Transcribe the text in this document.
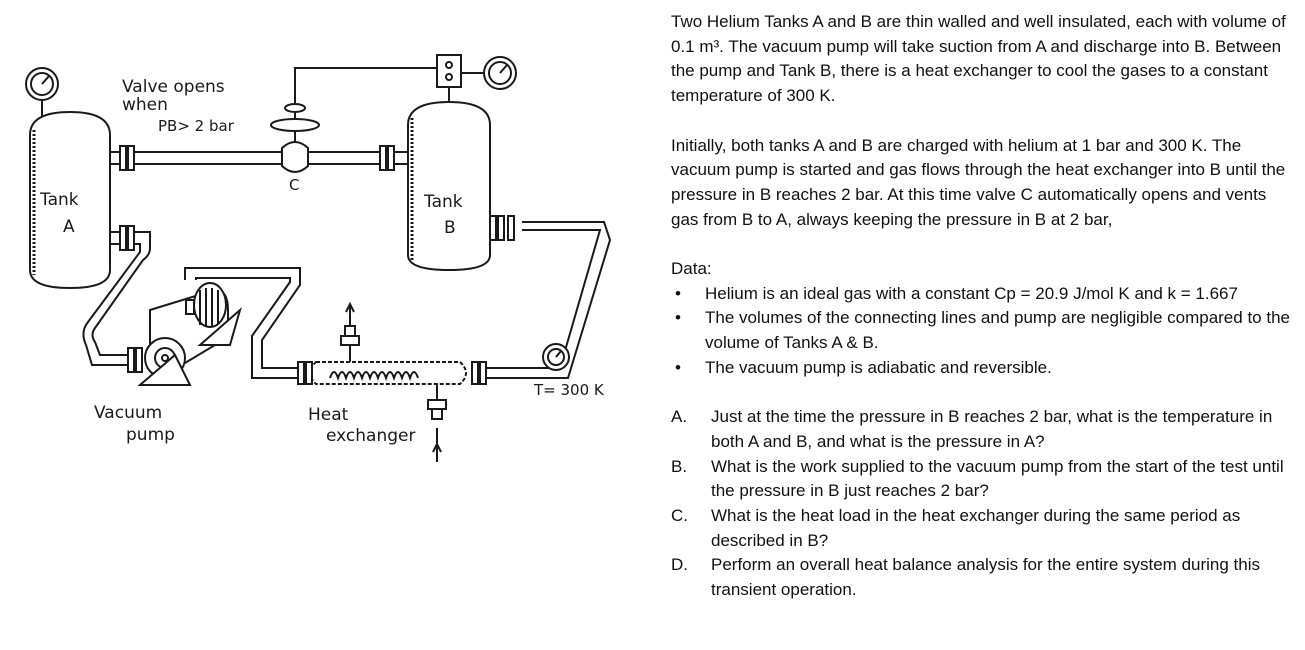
Valve opens
when
PB> 2 bar
C
Tank
A
Tank
B
T= 300 K
Vacuum
pump
Heat
exchanger

Two Helium Tanks A and B are thin walled and well insulated, each with volume of 0.1 m³. The vacuum pump will take suction from A and discharge into B. Between the pump and Tank B, there is a heat exchanger to cool the gases to a constant temperature of 300 K.

Initially, both tanks A and B are charged with helium at 1 bar and 300 K. The vacuum pump is started and gas flows through the heat exchanger into B until the pressure in B reaches 2 bar. At this time valve C automatically opens and vents gas from B to A, always keeping the pressure in B at 2 bar,

Data:

• Helium is an ideal gas with a constant Cp = 20.9 J/mol K and k = 1.667
• The volumes of the connecting lines and pump are negligible compared to the volume of Tanks A & B.
• The vacuum pump is adiabatic and reversible.
A. Just at the time the pressure in B reaches 2 bar, what is the temperature in both A and B, and what is the pressure in A?
B. What is the work supplied to the vacuum pump from the start of the test until the pressure in B just reaches 2 bar?
C. What is the heat load in the heat exchanger during the same period as described in B?
D. Perform an overall heat balance analysis for the entire system during this transient operation.
